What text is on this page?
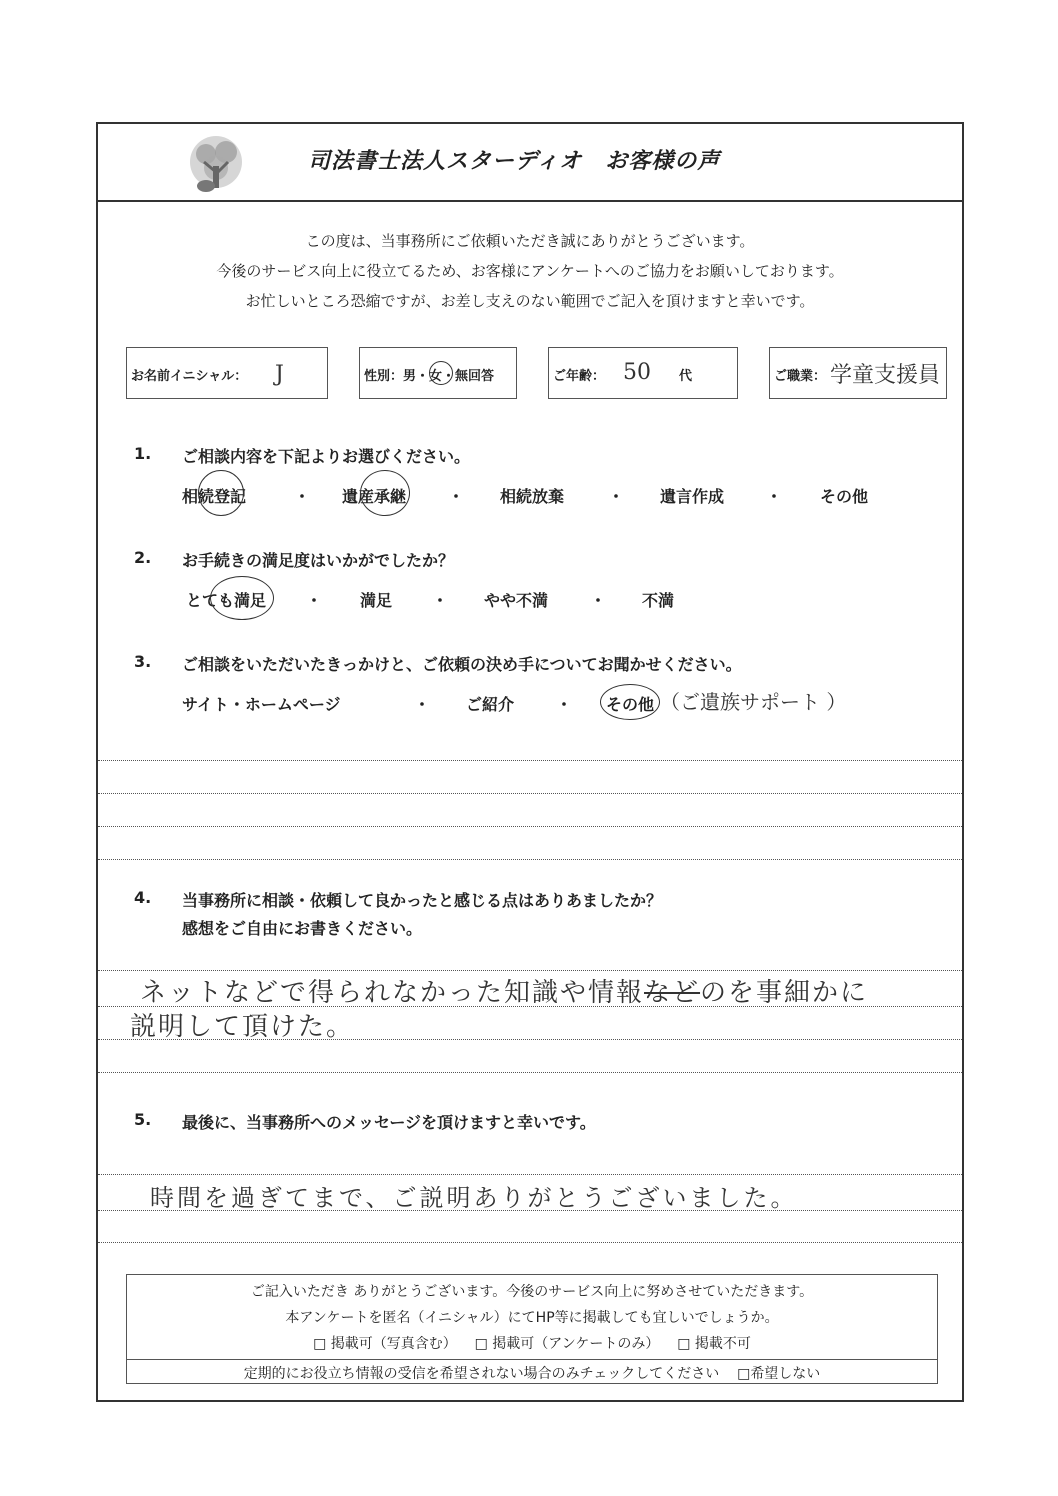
司法書士法人スターディオ　お客様の声
この度は、当事務所にご依頼いただき誠にありがとうございます。
今後のサービス向上に役立てるため、お客様にアンケートへのご協力をお願いしております。
お忙しいところ恐縮ですが、お差し支えのない範囲でご記入を頂けますと幸いです。
お名前イニシャル： J	性別：男・女・無回答	ご年齢： 50 代	ご職業： 学童支援員
1. ご相談内容を下記よりお選びください。
相続登記	・ 遺産承継	・ 相続放棄	・ 遺言作成	・ その他
2. お手続きの満足度はいかがでしたか？
とても満足 ・ 満足 ・ やや不満	・ 不満
3. ご相談をいただいたきっかけと、ご依頼の決め手についてお聞かせください。
サイト・ホームページ	・ ご紹介	・ その他 （ご遺族サポート ）
4. 当事務所に相談・依頼して良かったと感じる点はありあましたか？
感想をご自由にお書きください。
ネットなどで得られなかった知識や情報などのを事細かに
説明して頂けた。
5. 最後に、当事務所へのメッセージを頂けますと幸いです。
時間を過ぎてまで、ご説明ありがとうございました。
ご記入いただき ありがとうございます。今後のサービス向上に努めさせていただきます。
本アンケートを匿名（イニシャル）にてHP等に掲載しても宜しいでしょうか。
□ 掲載可（写真含む） □ 掲載可（アンケートのみ） □ 掲載不可
定期的にお役立ち情報の受信を希望されない場合のみチェックしてください □希望しない
